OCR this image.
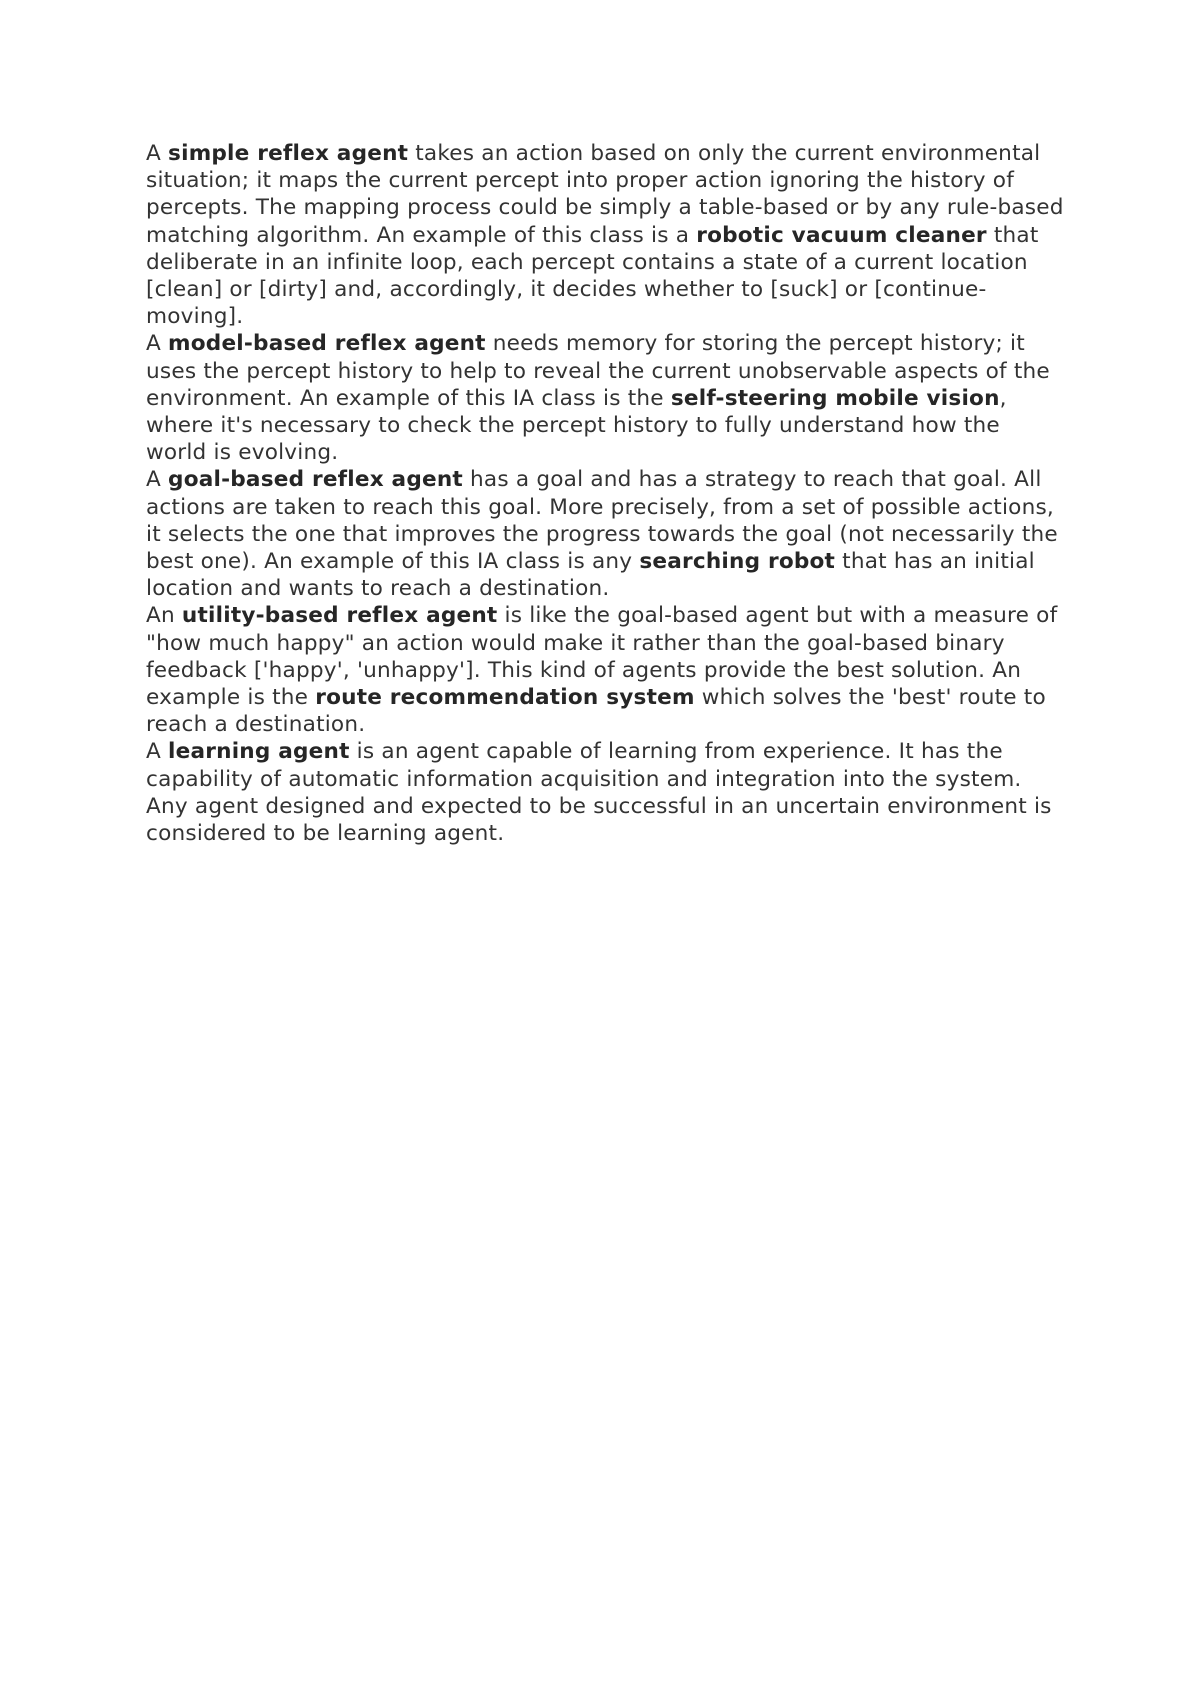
A simple reflex agent takes an action based on only the current environmental situation; it maps the current percept into proper action ignoring the history of percepts. The mapping process could be simply a table-based or by any rule-based matching algorithm. An example of this class is a robotic vacuum cleaner that deliberate in an infinite loop, each percept contains a state of a current location [clean] or [dirty] and, accordingly, it decides whether to [suck] or [continue-moving].

A model-based reflex agent needs memory for storing the percept history; it uses the percept history to help to reveal the current unobservable aspects of the environment. An example of this IA class is the self-steering mobile vision, where it's necessary to check the percept history to fully understand how the world is evolving.

A goal-based reflex agent has a goal and has a strategy to reach that goal. All actions are taken to reach this goal. More precisely, from a set of possible actions, it selects the one that improves the progress towards the goal (not necessarily the best one). An example of this IA class is any searching robot that has an initial location and wants to reach a destination.

An utility-based reflex agent is like the goal-based agent but with a measure of "how much happy" an action would make it rather than the goal-based binary feedback ['happy', 'unhappy']. This kind of agents provide the best solution. An example is the route recommendation system which solves the 'best' route to reach a destination.

A learning agent is an agent capable of learning from experience. It has the capability of automatic information acquisition and integration into the system. Any agent designed and expected to be successful in an uncertain environment is considered to be learning agent.
